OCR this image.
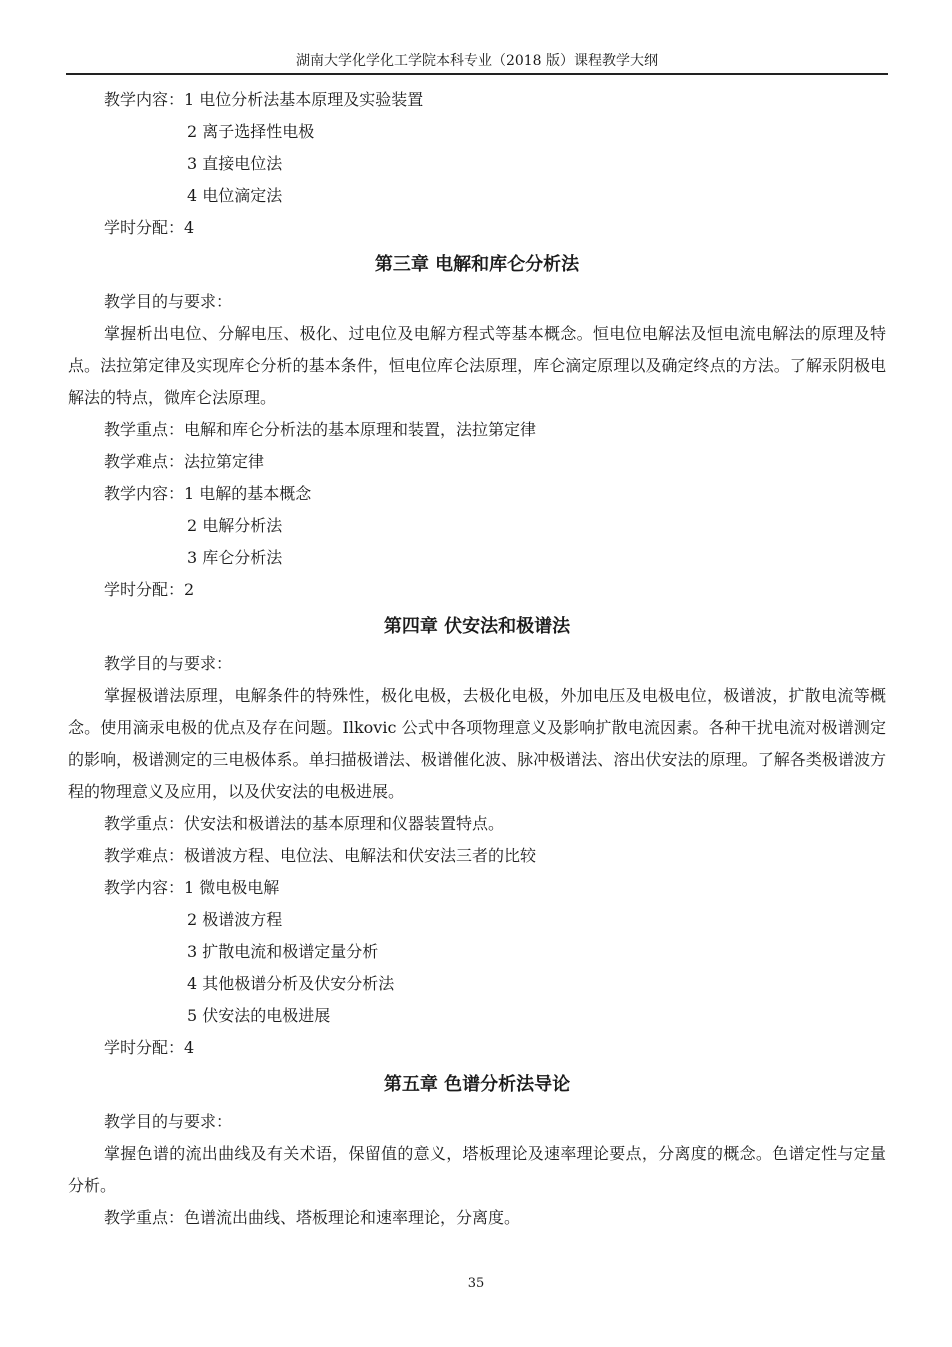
湖南大学化学化工学院本科专业（2018 版）课程教学大纲
教学内容：1 电位分析法基本原理及实验装置
2 离子选择性电极
3 直接电位法
4 电位滴定法
学时分配：4
第三章 电解和库仑分析法
教学目的与要求：
掌握析出电位、分解电压、极化、过电位及电解方程式等基本概念。恒电位电解法及恒电流电解法的原理及特点。法拉第定律及实现库仑分析的基本条件，恒电位库仑法原理，库仑滴定原理以及确定终点的方法。了解汞阴极电解法的特点，微库仑法原理。
教学重点：电解和库仑分析法的基本原理和装置，法拉第定律
教学难点：法拉第定律
教学内容：1 电解的基本概念
2 电解分析法
3 库仑分析法
学时分配：2
第四章 伏安法和极谱法
教学目的与要求：
掌握极谱法原理，电解条件的特殊性，极化电极，去极化电极，外加电压及电极电位，极谱波，扩散电流等概念。使用滴汞电极的优点及存在问题。Ilkovic 公式中各项物理意义及影响扩散电流因素。各种干扰电流对极谱测定的影响，极谱测定的三电极体系。单扫描极谱法、极谱催化波、脉冲极谱法、溶出伏安法的原理。了解各类极谱波方程的物理意义及应用，以及伏安法的电极进展。
教学重点：伏安法和极谱法的基本原理和仪器装置特点。
教学难点：极谱波方程、电位法、电解法和伏安法三者的比较
教学内容：1 微电极电解
2 极谱波方程
3 扩散电流和极谱定量分析
4 其他极谱分析及伏安分析法
5 伏安法的电极进展
学时分配：4
第五章 色谱分析法导论
教学目的与要求：
掌握色谱的流出曲线及有关术语，保留值的意义，塔板理论及速率理论要点，分离度的概念。色谱定性与定量分析。
教学重点：色谱流出曲线、塔板理论和速率理论，分离度。
35
